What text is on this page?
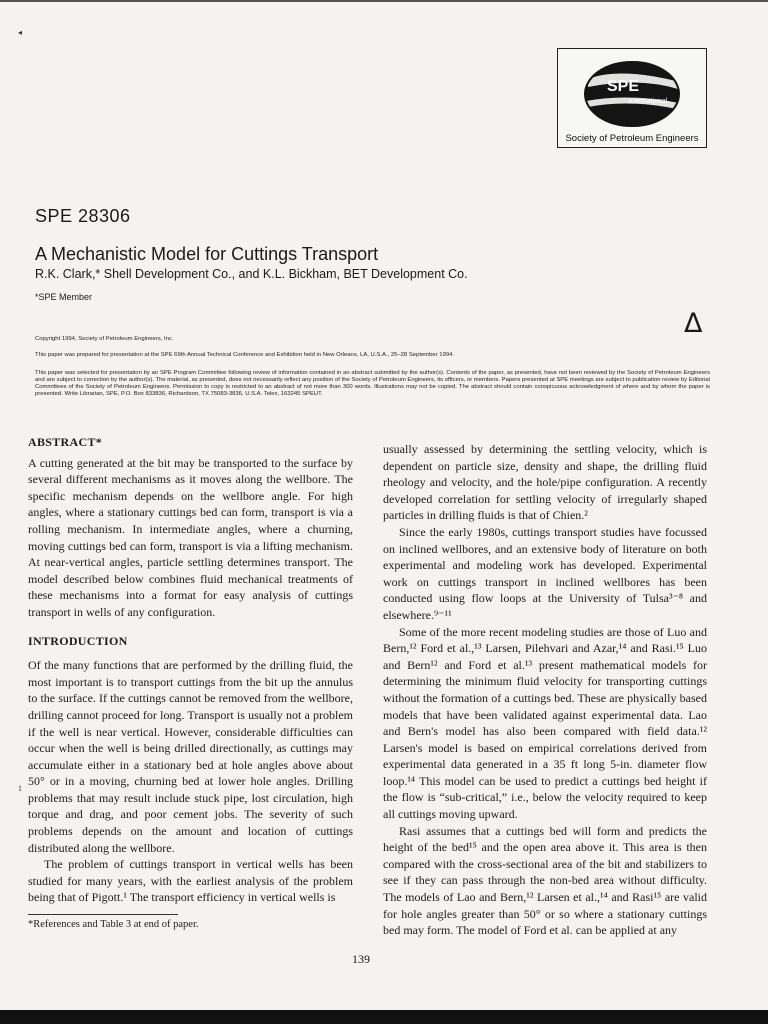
SPE
International
Society of Petroleum Engineers
◂
SPE 28306
A Mechanistic Model for Cuttings Transport
R.K. Clark,* Shell Development Co., and K.L. Bickham, BET Development Co.
*SPE Member
Δ
Copyright 1994, Society of Petroleum Engineers, Inc.
This paper was prepared for presentation at the SPE 69th Annual Technical Conference and Exhibition held in New Orleans, LA, U.S.A., 25–28 September 1994.
This paper was selected for presentation by an SPE Program Committee following review of information contained in an abstract submitted by the author(s). Contents of the paper, as presented, have not been reviewed by the Society of Petroleum Engineers and are subject to correction by the author(s). The material, as presented, does not necessarily reflect any position of the Society of Petroleum Engineers, its officers, or members. Papers presented at SPE meetings are subject to publication review by Editorial Committees of the Society of Petroleum Engineers. Permission to copy is restricted to an abstract of not more than 300 words. Illustrations may not be copied. The abstract should contain conspicuous acknowledgment of where and by whom the paper is presented. Write Librarian, SPE, P.O. Box 833836, Richardson, TX 75083-3836, U.S.A. Telex, 163245 SPEUT.
ABSTRACT*

A cutting generated at the bit may be transported to the surface by several different mechanisms as it moves along the wellbore. The specific mechanism depends on the wellbore angle. For high angles, where a stationary cuttings bed can form, transport is via a rolling mechanism. In intermediate angles, where a churning, moving cuttings bed can form, transport is via a lifting mechanism. At near-vertical angles, particle settling determines transport. The model described below combines fluid mechanical treatments of these mechanisms into a format for easy analysis of cuttings transport in wells of any configuration.

INTRODUCTION

Of the many functions that are performed by the drilling fluid, the most important is to transport cuttings from the bit up the annulus to the surface. If the cuttings cannot be removed from the wellbore, drilling cannot proceed for long. Transport is usually not a problem if the well is near vertical. However, considerable difficulties can occur when the well is being drilled directionally, as cuttings may accumulate either in a stationary bed at hole angles above about 50° or in a moving, churning bed at lower hole angles. Drilling problems that may result include stuck pipe, lost circulation, high torque and drag, and poor cement jobs. The severity of such problems depends on the amount and location of cuttings distributed along the wellbore.

The problem of cuttings transport in vertical wells has been studied for many years, with the earliest analysis of the problem being that of Pigott.¹ The transport efficiency in vertical wells is

*References and Table 3 at end of paper.
1

usually assessed by determining the settling velocity, which is dependent on particle size, density and shape, the drilling fluid rheology and velocity, and the hole/pipe configuration. A recently developed correlation for settling velocity of irregularly shaped particles in drilling fluids is that of Chien.²

Since the early 1980s, cuttings transport studies have focussed on inclined wellbores, and an extensive body of literature on both experimental and modeling work has developed. Experimental work on cuttings transport in inclined wellbores has been conducted using flow loops at the University of Tulsa³⁻⁸ and elsewhere.⁹⁻¹¹

Some of the more recent modeling studies are those of Luo and Bern,¹² Ford et al.,¹³ Larsen, Pilehvari and Azar,¹⁴ and Rasi.¹⁵ Luo and Bern¹² and Ford et al.¹³ present mathematical models for determining the minimum fluid velocity for transporting cuttings without the formation of a cuttings bed. These are physically based models that have been validated against experimental data. Lao and Bern's model has also been compared with field data.¹² Larsen's model is based on empirical correlations derived from experimental data generated in a 35 ft long 5-in. diameter flow loop.¹⁴ This model can be used to predict a cuttings bed height if the flow is “sub-critical,” i.e., below the velocity required to keep all cuttings moving upward.

Rasi assumes that a cuttings bed will form and predicts the height of the bed¹⁵ and the open area above it. This area is then compared with the cross-sectional area of the bit and stabilizers to see if they can pass through the non-bed area without difficulty. The models of Lao and Bern,¹² Larsen et al.,¹⁴ and Rasi¹⁵ are valid for hole angles greater than 50° or so where a stationary cuttings bed may form. The model of Ford et al. can be applied at any

139
